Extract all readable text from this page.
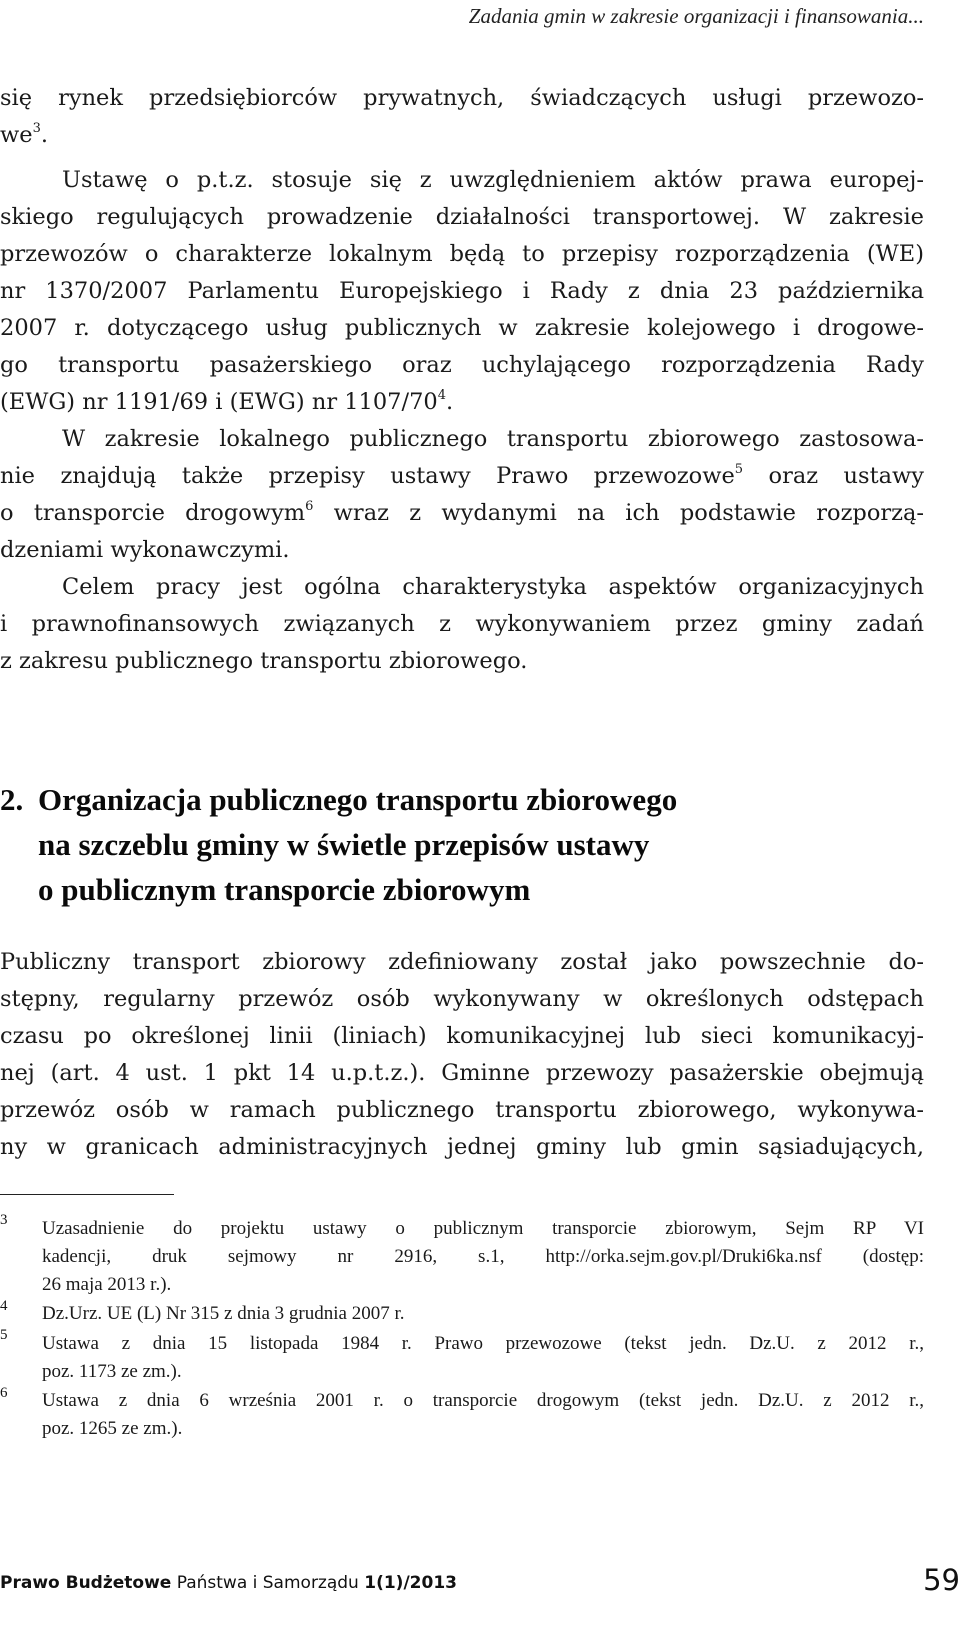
Zadania gmin w zakresie organizacji i finansowania...
się rynek przedsiębiorców prywatnych, świadczących usługi przewozo-
$we^3$.
Ustawę o p.t.z. stosuje się z uwzględnieniem aktów prawa europej-
skiego regulujących prowadzenie działalności transportowej. W zakresie
przewozów o charakterze lokalnym będą to przepisy rozporządzenia (WE)
nr 1370/2007 Parlamentu Europejskiego i Rady z dnia 23 października
2007 r. dotyczącego usług publicznych w zakresie kolejowego i drogowe-
go transportu pasażerskiego oraz uchylającego rozporządzenia Rady
(EWG) nr 1191/69 i (EWG) nr $1107/70^4$.
W zakresie lokalnego publicznego transportu zbiorowego zastosowa-
nie znajdują także przepisy ustawy Prawo przewozowe$^5$ oraz ustawy
o transporcie drogowym$^6$ wraz z wydanymi na ich podstawie rozporzą-
dzeniami wykonawczymi.
Celem pracy jest ogólna charakterystyka aspektów organizacyjnych
i prawnofinansowych związanych z wykonywaniem przez gminy zadań
z zakresu publicznego transportu zbiorowego.
2. Organizacja publicznego transportu zbiorowego
na szczeblu gminy w świetle przepisów ustawy
o publicznym transporcie zbiorowym
Publiczny transport zbiorowy zdefiniowany został jako powszechnie do-
stępny, regularny przewóz osób wykonywany w określonych odstępach
czasu po określonej linii (liniach) komunikacyjnej lub sieci komunikacyj-
nej (art. 4 ust. 1 pkt 14 u.p.t.z.). Gminne przewozy pasażerskie obejmują
przewóz osób w ramach publicznego transportu zbiorowego, wykonywa-
ny w granicach administracyjnych jednej gminy lub gmin sąsiadujących,
3 Uzasadnienie do projektu ustawy o publicznym transporcie zbiorowym, Sejm RP VI
kadencji, druk sejmowy nr 2916, s.1, http://orka.sejm.gov.pl/Druki6ka.nsf (dostęp:
26 maja 2013 r.).
4 Dz.Urz. UE (L) Nr 315 z dnia 3 grudnia 2007 r.
5 Ustawa z dnia 15 listopada 1984 r. Prawo przewozowe (tekst jedn. Dz.U. z 2012 r.,
poz. 1173 ze zm.).
6 Ustawa z dnia 6 września 2001 r. o transporcie drogowym (tekst jedn. Dz.U. z 2012 r.,
poz. 1265 ze zm.).
Prawo Budżetowe Państwa i Samorządu 1(1)/2013	59
